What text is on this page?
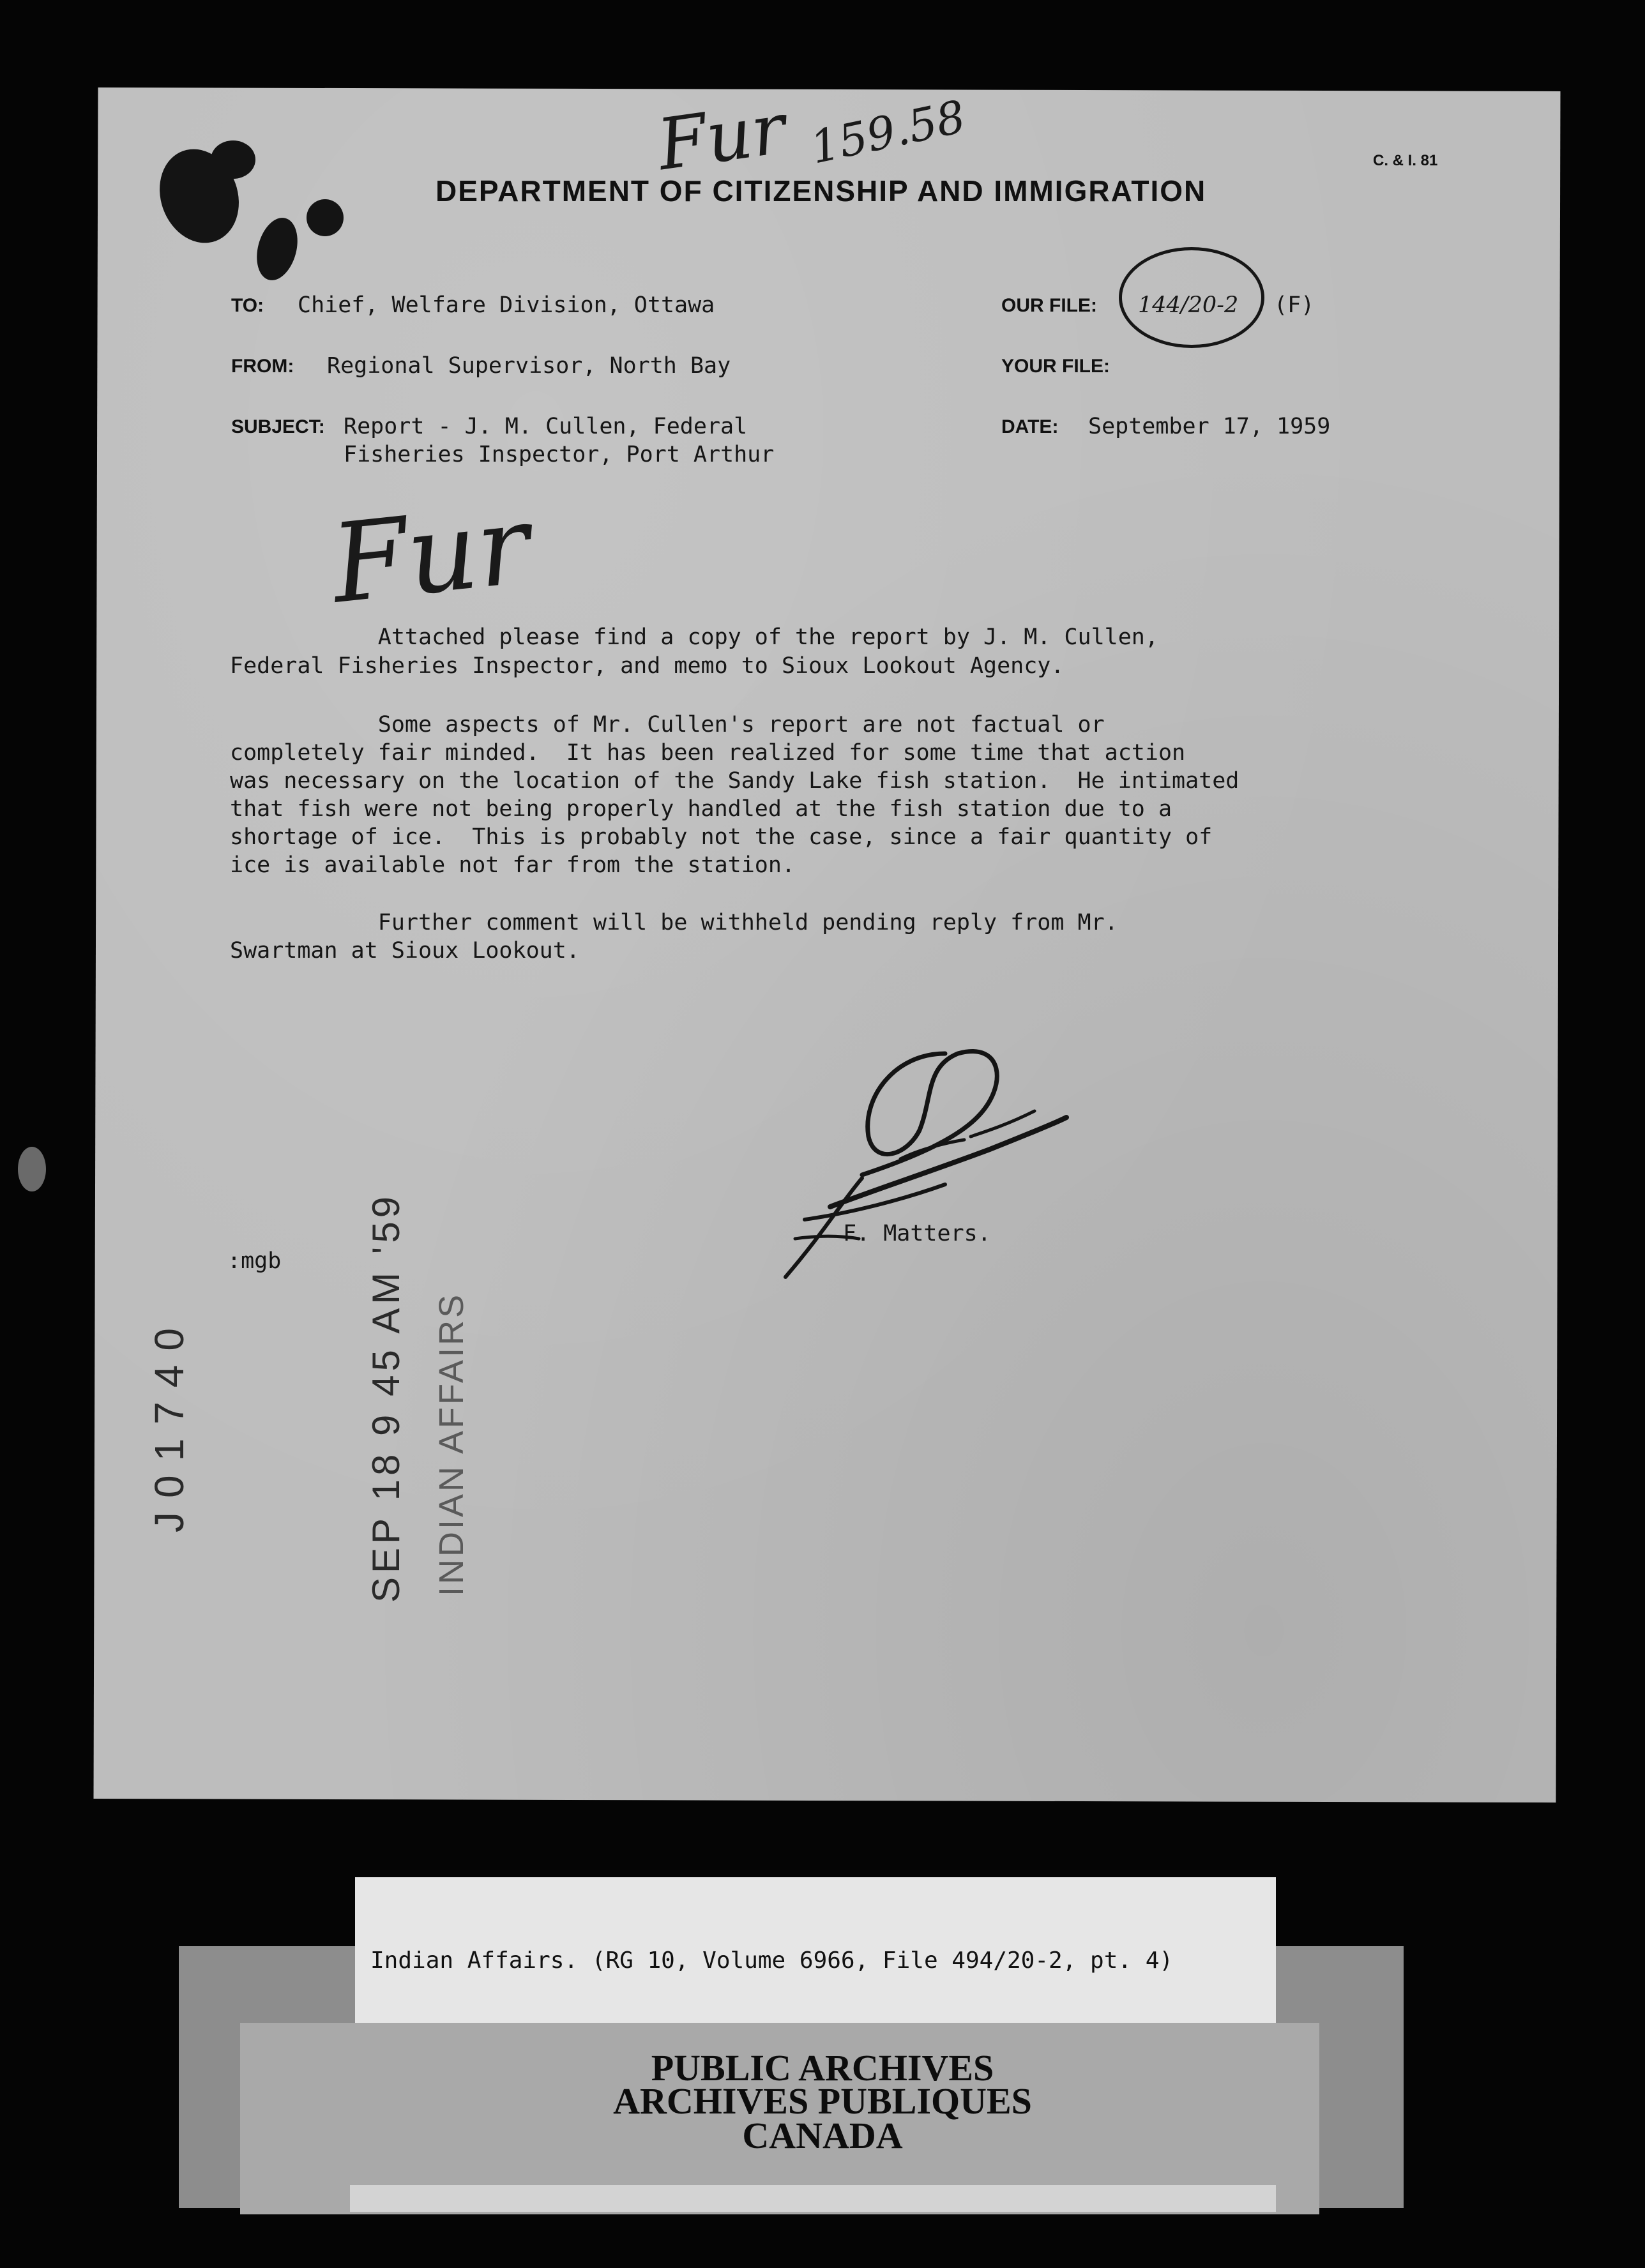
C. & I. 81
DEPARTMENT OF CITIZENSHIP AND IMMIGRATION
Fur 159.58
TO: Chief, Welfare Division, Ottawa
FROM: Regional Supervisor, North Bay
SUBJECT: Report - J. M. Cullen, Federal
Fisheries Inspector, Port Arthur
OUR FILE: 144/20-2 (F)
YOUR FILE:
DATE: September 17, 1959
Fur
Attached please find a copy of the report by J. M. Cullen,
Federal Fisheries Inspector, and memo to Sioux Lookout Agency.
Some aspects of Mr. Cullen's report are not factual or
completely fair minded.  It has been realized for some time that action
was necessary on the location of the Sandy Lake fish station.  He intimated
that fish were not being properly handled at the fish station due to a
shortage of ice.  This is probably not the case, since a fair quantity of
ice is available not far from the station.
Further comment will be withheld pending reply from Mr.
Swartman at Sioux Lookout.
F. Matters.
:mgb
J01740	SEP 18 9 45 AM '59 INDIAN AFFAIRS
Indian Affairs. (RG 10, Volume 6966, File 494/20-2, pt. 4)
PUBLIC ARCHIVES
ARCHIVES PUBLIQUES
CANADA
